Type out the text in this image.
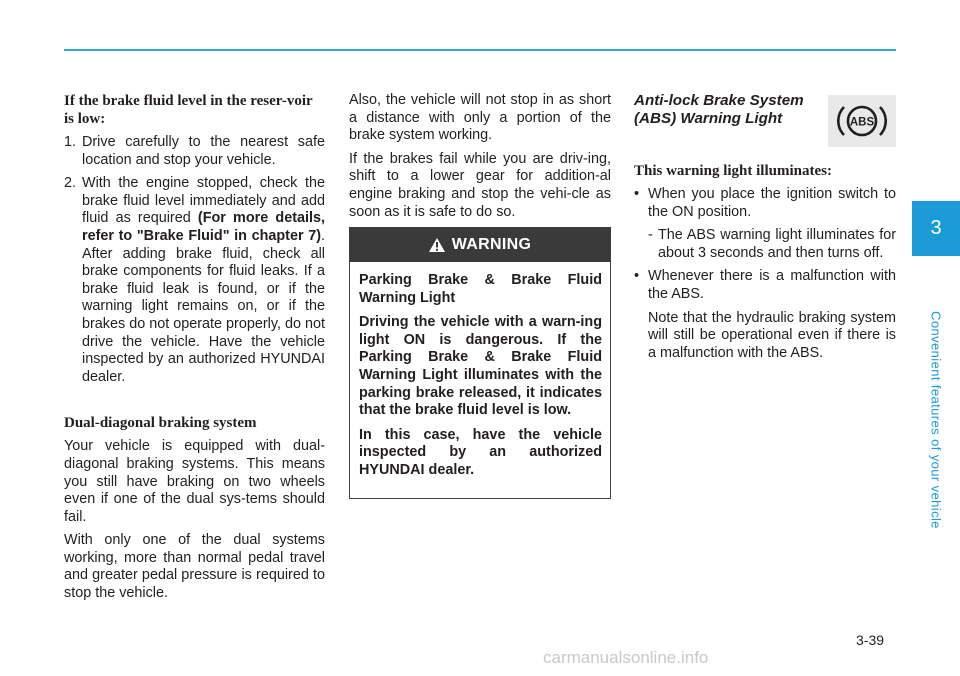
If the brake fluid level in the reser-voir is low:
1. Drive carefully to the nearest safe location and stop your vehicle.
2. With the engine stopped, check the brake fluid level immediately and add fluid as required (For more details, refer to "Brake Fluid" in chapter 7). After adding brake fluid, check all brake components for fluid leaks. If a brake fluid leak is found, or if the warning light remains on, or if the brakes do not operate properly, do not drive the vehicle. Have the vehicle inspected by an authorized HYUNDAI dealer.
Dual-diagonal braking system

Your vehicle is equipped with dual-diagonal braking systems. This means you still have braking on two wheels even if one of the dual sys-tems should fail.

With only one of the dual systems working, more than normal pedal travel and greater pedal pressure is required to stop the vehicle.

Also, the vehicle will not stop in as short a distance with only a portion of the brake system working.

If the brakes fail while you are driv-ing, shift to a lower gear for addition-al engine braking and stop the vehi-cle as soon as it is safe to do so.

WARNING

Parking Brake & Brake Fluid Warning Light

Driving the vehicle with a warn-ing light ON is dangerous. If the Parking Brake & Brake Fluid Warning Light illuminates with the parking brake released, it indicates that the brake fluid level is low.

In this case, have the vehicle inspected by an authorized HYUNDAI dealer.

Anti-lock Brake System
(ABS) Warning Light
This warning light illuminates:
• When you place the ignition switch to the ON position.
- The ABS warning light illuminates for about 3 seconds and then turns off.
• Whenever there is a malfunction with the ABS.

Note that the hydraulic braking system will still be operational even if there is a malfunction with the ABS.

ABS
3
Convenient features of your vehicle
3-39
carmanualsonline.info
